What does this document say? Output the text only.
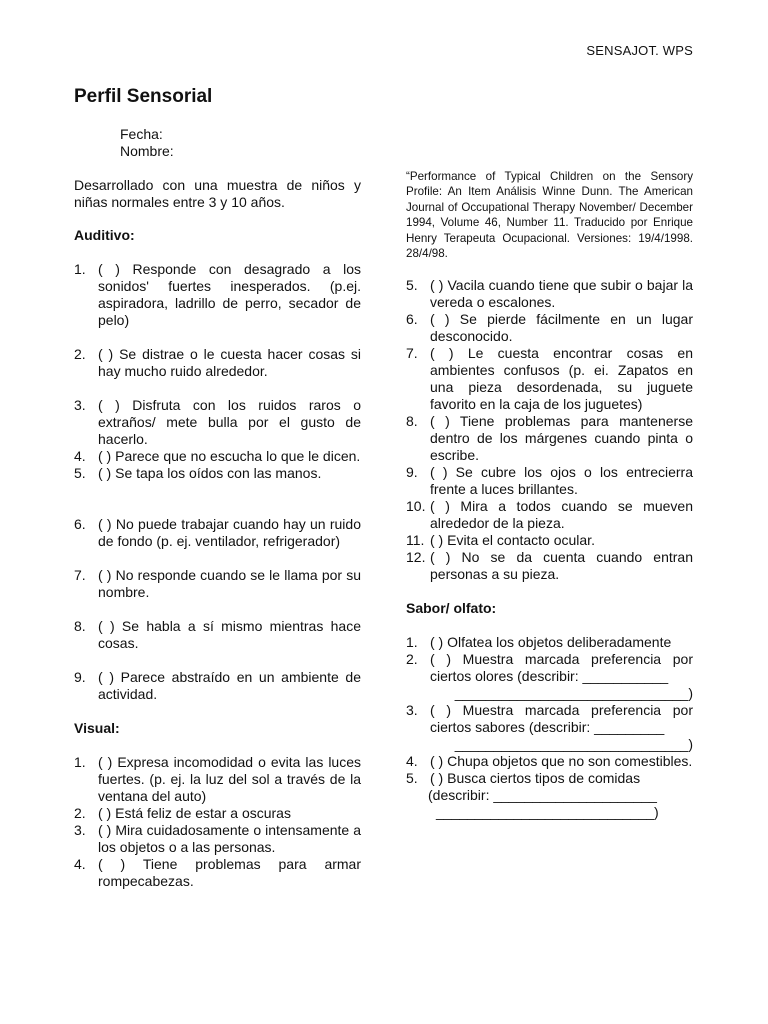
SENSAJOT. WPS
Perfil Sensorial
Fecha:
Nombre:

Desarrollado con una muestra de niños y niñas normales entre 3 y 10 años.

Auditivo:
1. ( ) Responde con desagrado a los sonidos' fuertes inesperados. (p.ej. aspiradora, ladrillo de perro, secador de pelo)
2. ( ) Se distrae o le cuesta hacer cosas si hay mucho ruido alrededor.
3. ( ) Disfruta con los ruidos raros o extraños/ mete bulla por el gusto de hacerlo.
4. ( ) Parece que no escucha lo que le dicen.
5. ( ) Se tapa los oídos con las manos.
6. ( ) No puede trabajar cuando hay un ruido de fondo (p. ej. ventilador, refrigerador)
7. ( ) No responde cuando se le llama por su nombre.
8. ( ) Se habla a sí mismo mientras hace cosas.
9. ( ) Parece abstraído en un ambiente de actividad.
Visual:
1. ( ) Expresa incomodidad o evita las luces fuertes. (p. ej. la luz del sol a través de la ventana del auto)
2. ( ) Está feliz de estar a oscuras
3. ( ) Mira cuidadosamente o intensamente a los objetos o a las personas.
4. ( ) Tiene problemas para armar rompecabezas.

“Performance of Typical Children on the Sensory Profile: An Item Análisis Winne Dunn. The American Journal of Occupational Therapy November/ December 1994, Volume 46, Number 11. Traducido por Enrique Henry Terapeuta Ocupacional. Versiones: 19/4/1998. 28/4/98.

5. ( ) Vacila cuando tiene que subir o bajar la vereda o escalones.
6. ( ) Se pierde fácilmente en un lugar desconocido.
7. ( ) Le cuesta encontrar cosas en ambientes confusos (p. ei. Zapatos en una pieza desordenada, su juguete favorito en la caja de los juguetes)
8. ( ) Tiene problemas para mantenerse dentro de los márgenes cuando pinta o escribe.
9. ( ) Se cubre los ojos o los entrecierra frente a luces brillantes.
10. ( ) Mira a todos cuando se mueven alrededor de la pieza.
11. ( ) Evita el contacto ocular.
12. ( ) No se da cuenta cuando entran personas a su pieza.
Sabor/ olfato:
1. ( ) Olfatea los objetos deliberadamente
2. ( ) Muestra marcada preferencia por ciertos olores (describir: ___________
______________________________)
3. ( ) Muestra marcada preferencia por ciertos sabores (describir: _________
______________________________)
4. ( ) Chupa objetos que no son comestibles.
5. ( ) Busca ciertos tipos de comidas
(describir: _____________________
____________________________)
